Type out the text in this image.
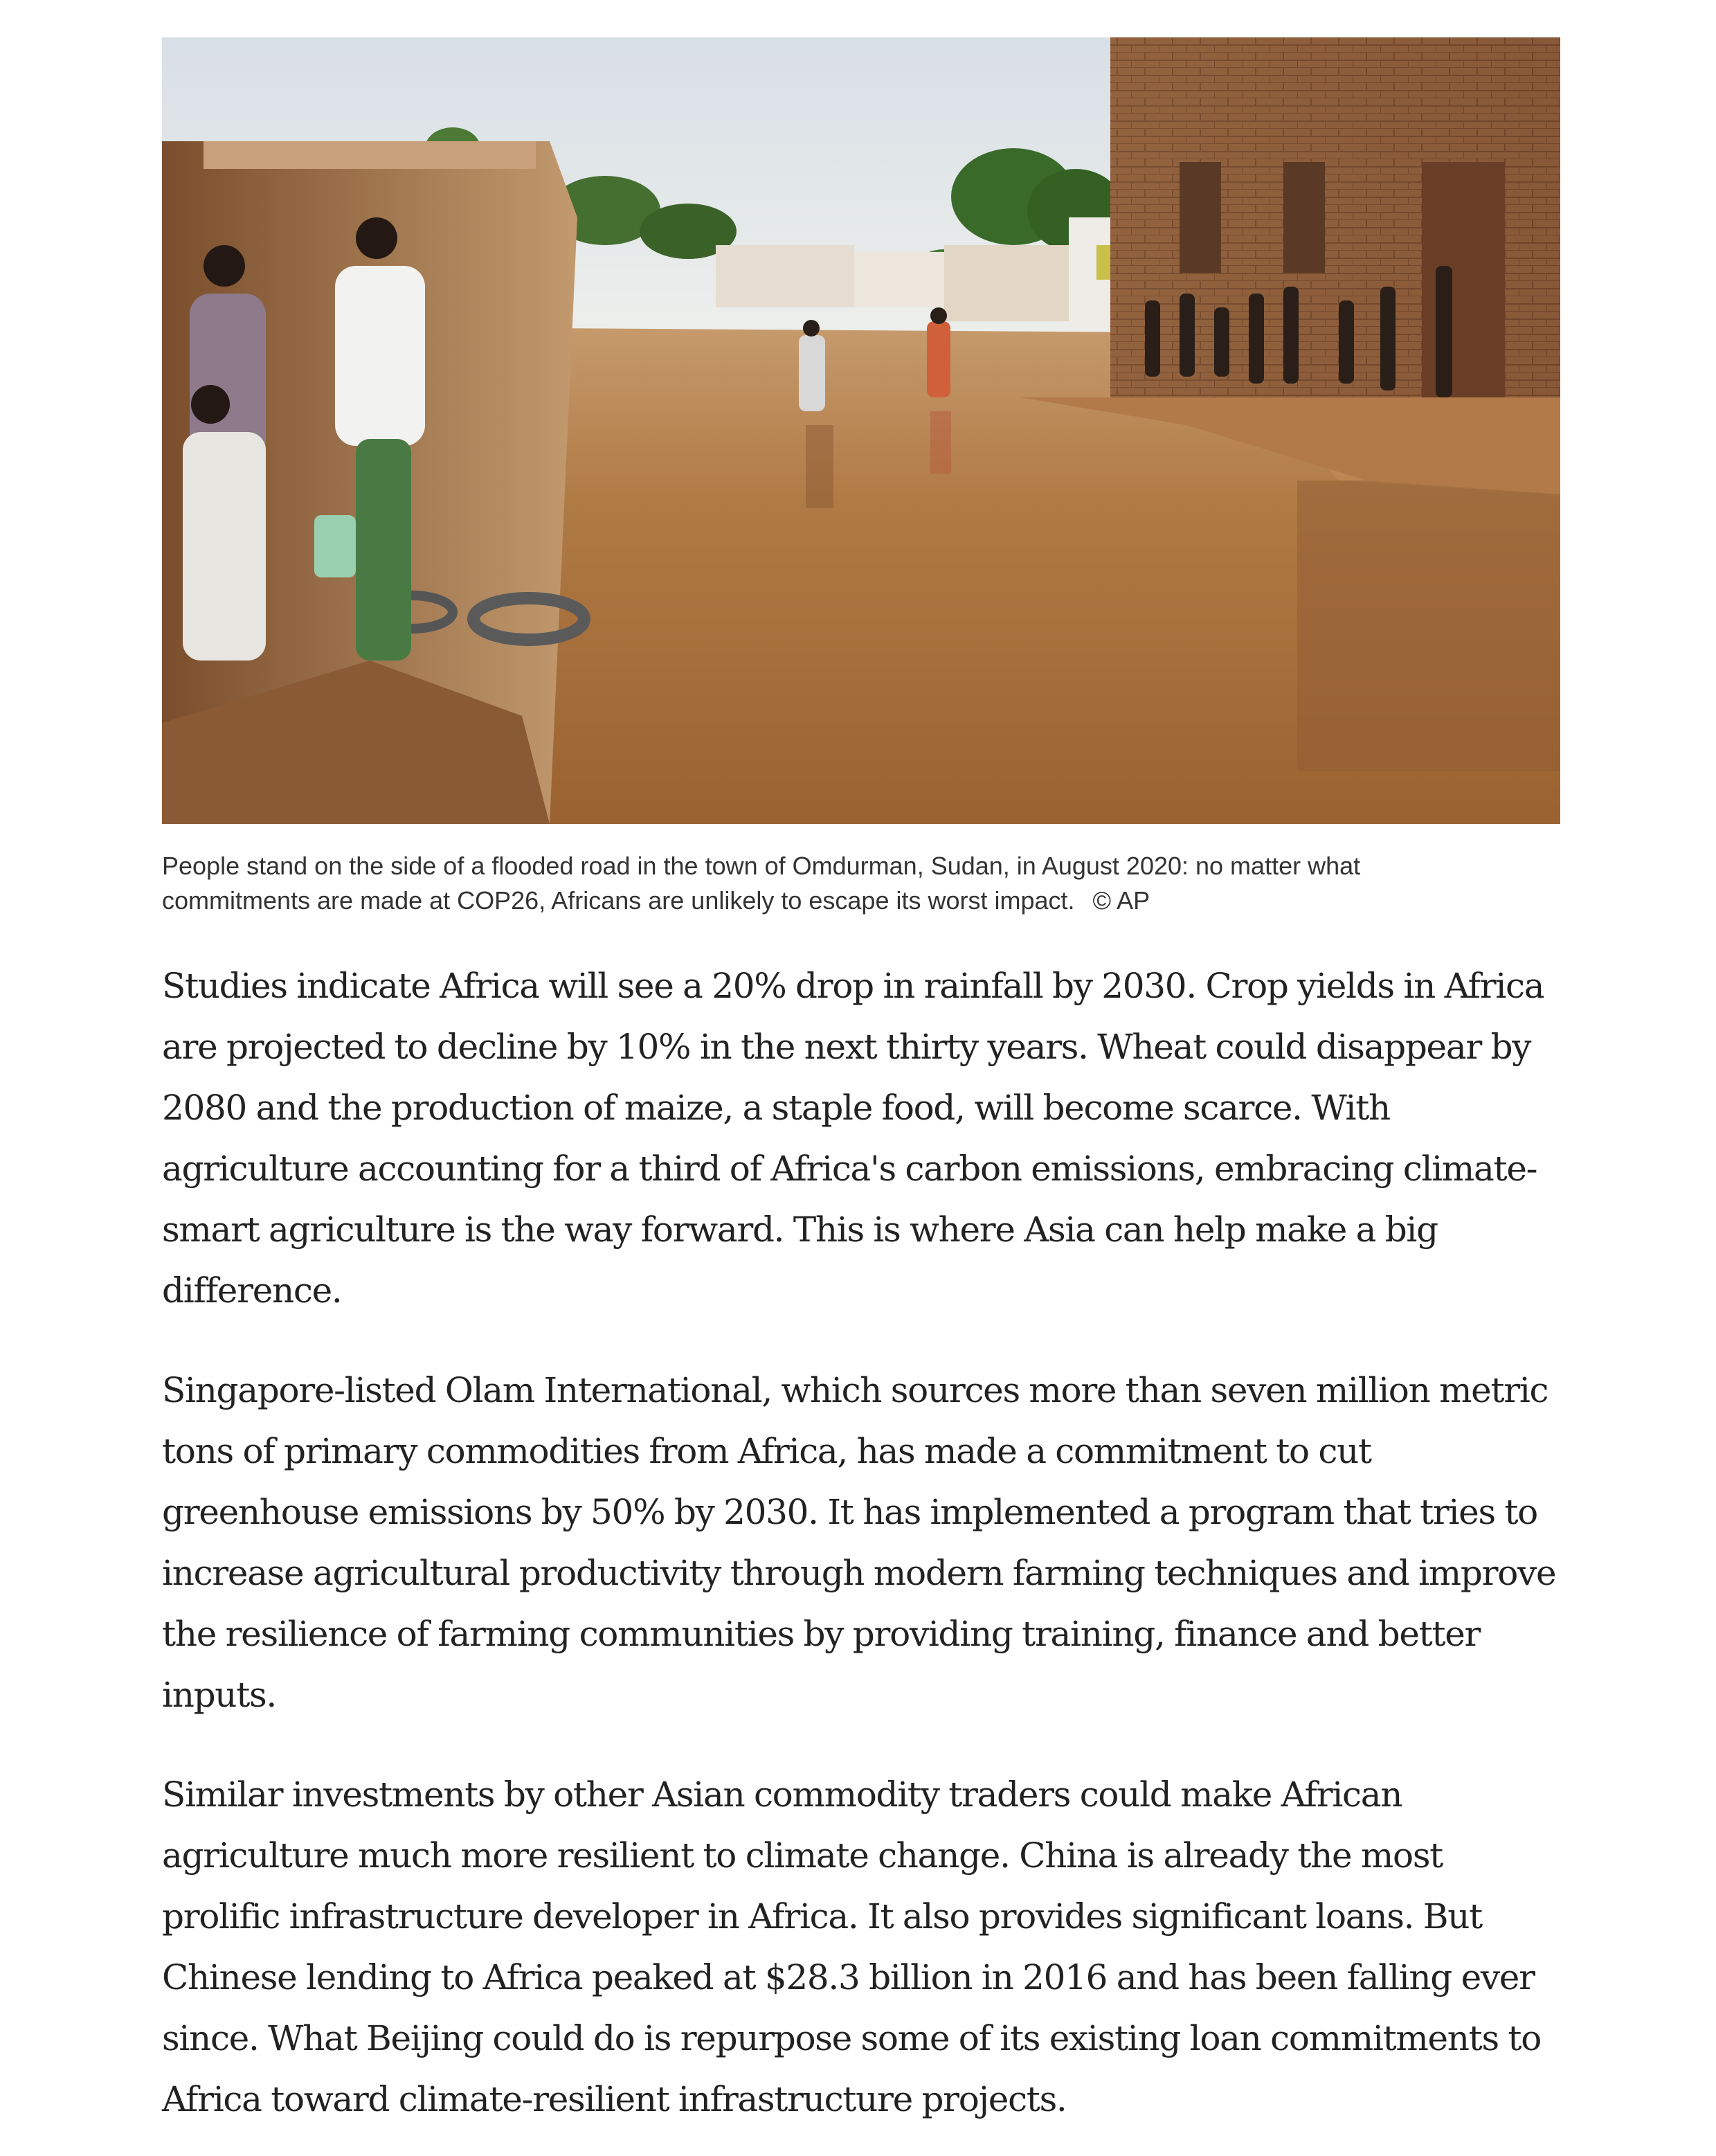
People stand on the side of a flooded road in the town of Omdurman, Sudan, in August 2020: no matter what commitments are made at COP26, Africans are unlikely to escape its worst impact. © AP

Studies indicate Africa will see a 20% drop in rainfall by 2030. Crop yields in Africa are projected to decline by 10% in the next thirty years. Wheat could disappear by 2080 and the production of maize, a staple food, will become scarce. With agriculture accounting for a third of Africa's carbon emissions, embracing climate-smart agriculture is the way forward. This is where Asia can help make a big difference.

Singapore-listed Olam International, which sources more than seven million metric tons of primary commodities from Africa, has made a commitment to cut greenhouse emissions by 50% by 2030. It has implemented a program that tries to increase agricultural productivity through modern farming techniques and improve the resilience of farming communities by providing training, finance and better inputs.

Similar investments by other Asian commodity traders could make African agriculture much more resilient to climate change. China is already the most prolific infrastructure developer in Africa. It also provides significant loans. But Chinese lending to Africa peaked at $28.3 billion in 2016 and has been falling ever since. What Beijing could do is repurpose some of its existing loan commitments to Africa toward climate-resilient infrastructure projects.
